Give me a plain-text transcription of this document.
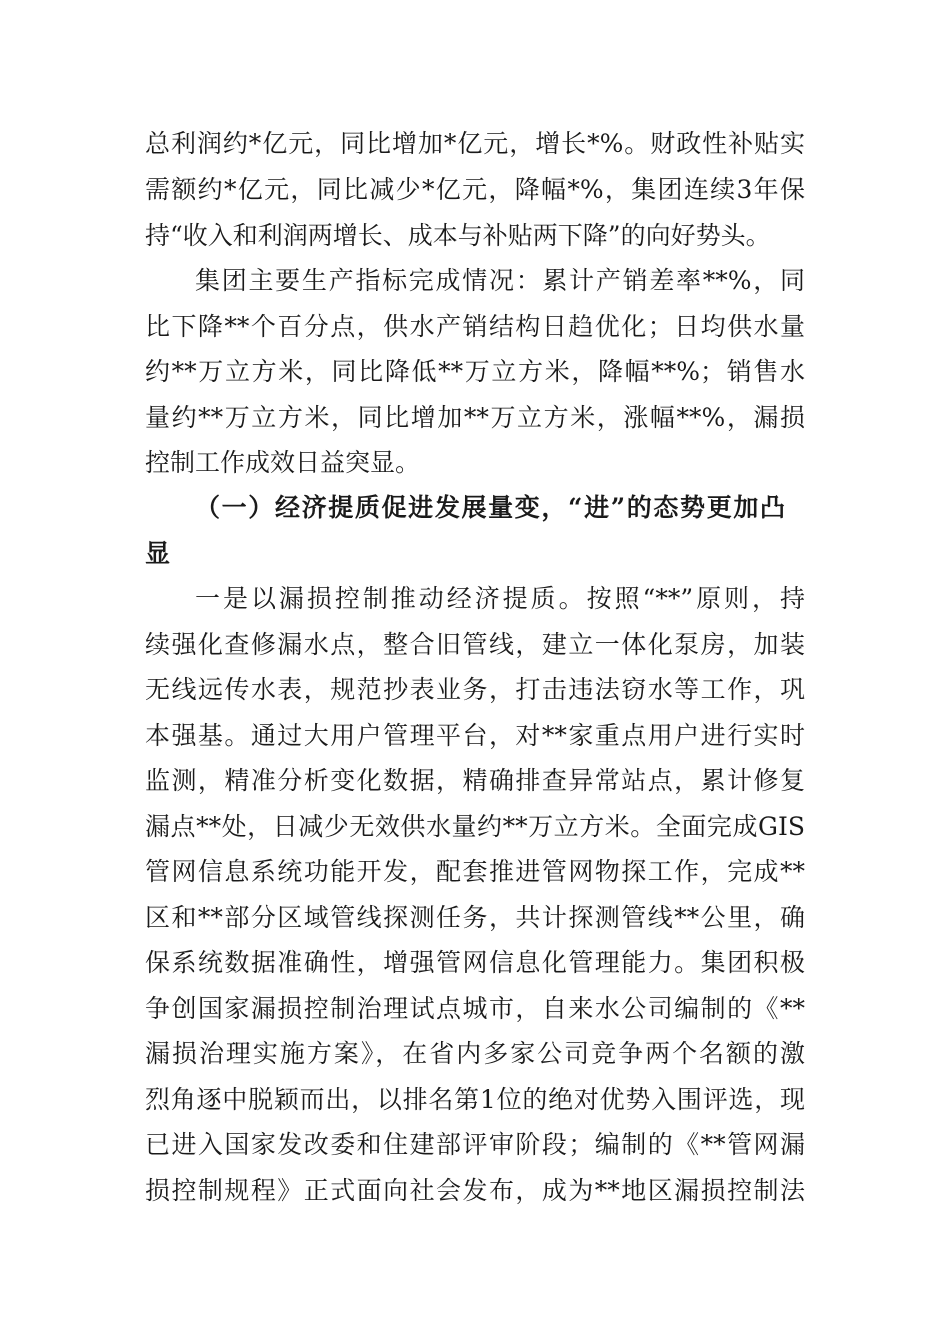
总利润约*亿元，同比增加*亿元，增长*%。财政性补贴实
需额约*亿元，同比减少*亿元，降幅*%，集团连续3年保
持“收入和利润两增长、成本与补贴两下降”的向好势头。
集团主要生产指标完成情况：累计产销差率**%，同
比下降**个百分点，供水产销结构日趋优化；日均供水量
约**万立方米，同比降低**万立方米，降幅**%；销售水
量约**万立方米，同比增加**万立方米，涨幅**%，漏损
控制工作成效日益突显。
（一）经济提质促进发展量变，“进”的态势更加凸
显
一是以漏损控制推动经济提质。按照“**”原则，持
续强化查修漏水点，整合旧管线，建立一体化泵房，加装
无线远传水表，规范抄表业务，打击违法窃水等工作，巩
本强基。通过大用户管理平台，对**家重点用户进行实时
监测，精准分析变化数据，精确排查异常站点，累计修复
漏点**处，日减少无效供水量约**万立方米。全面完成GIS
管网信息系统功能开发，配套推进管网物探工作，完成**
区和**部分区域管线探测任务，共计探测管线**公里，确
保系统数据准确性，增强管网信息化管理能力。集团积极
争创国家漏损控制治理试点城市，自来水公司编制的《**
漏损治理实施方案》，在省内多家公司竞争两个名额的激
烈角逐中脱颖而出，以排名第1位的绝对优势入围评选，现
已进入国家发改委和住建部评审阶段；编制的《**管网漏
损控制规程》正式面向社会发布，成为**地区漏损控制法
